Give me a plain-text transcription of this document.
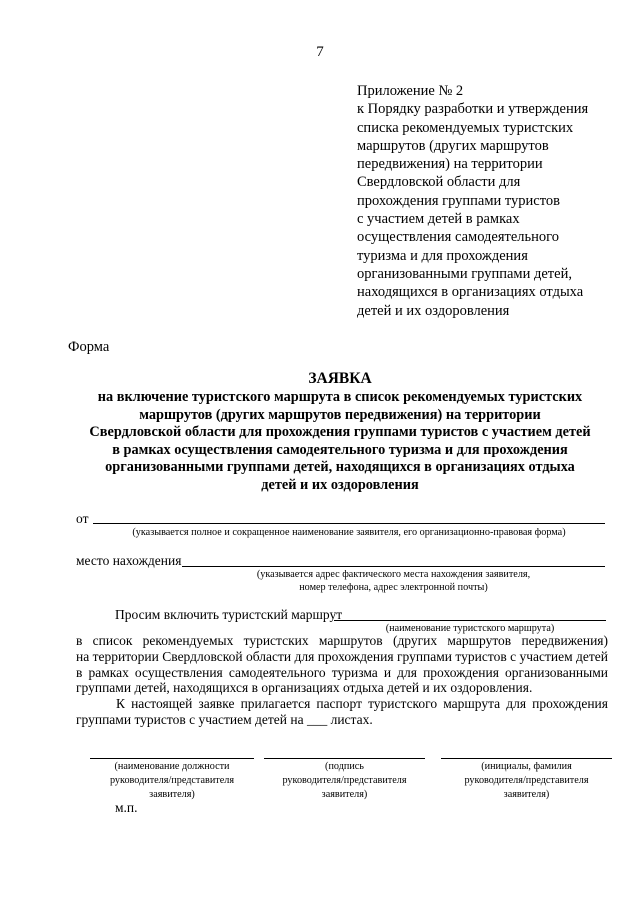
7
Приложение № 2
к Порядку разработки и утверждения
списка рекомендуемых туристских
маршрутов (других маршрутов
передвижения) на территории
Свердловской области для
прохождения группами туристов
с участием детей в рамках
осуществления самодеятельного
туризма и для прохождения
организованными группами детей,
находящихся в организациях отдыха
детей и их оздоровления
Форма
ЗАЯВКА
на включение туристского маршрута в список рекомендуемых туристских
маршрутов (других маршрутов передвижения) на территории
Свердловской области для прохождения группами туристов с участием детей
в рамках осуществления самодеятельного туризма и для прохождения
организованными группами детей, находящихся в организациях отдыха
детей и их оздоровления
от
(указывается полное и сокращенное наименование заявителя, его организационно-правовая форма)
место нахождения
(указывается адрес фактического места нахождения заявителя,
номер телефона, адрес электронной почты)
Просим включить туристский маршрут
(наименование туристского маршрута)
в список рекомендуемых туристских маршрутов (других маршрутов передвижения)
на территории Свердловской области для прохождения группами туристов с участием детей
в рамках осуществления самодеятельного туризма и для прохождения организованными
группами детей, находящихся в организациях отдыха детей и их оздоровления.
К настоящей заявке прилагается паспорт туристского маршрута для прохождения
группами туристов с участием детей на ___ листах.
(наименование должности
руководителя/представителя
заявителя)
(подпись
руководителя/представителя
заявителя)
(инициалы, фамилия
руководителя/представителя
заявителя)
м.п.
